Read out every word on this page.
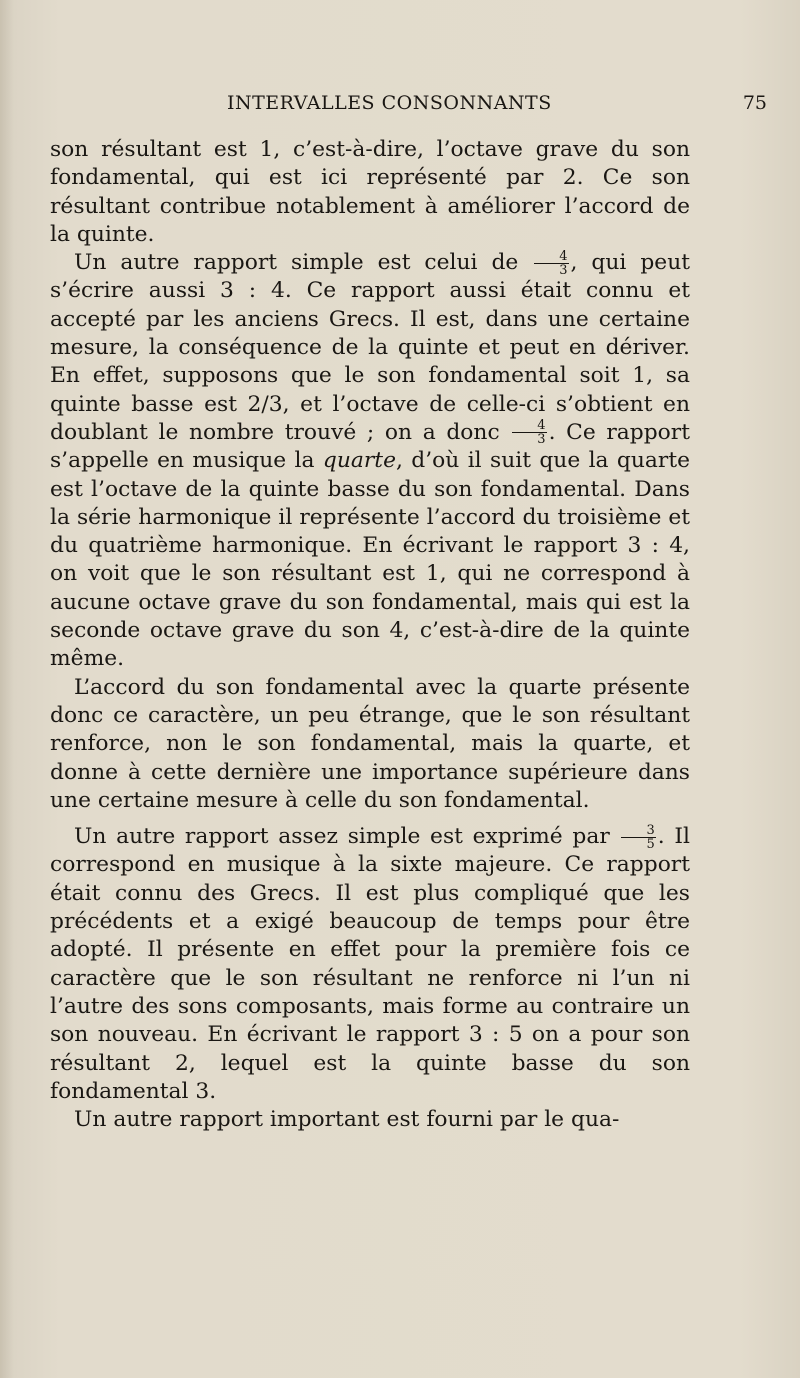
INTERVALLES CONSONNANTS	75

son résultant est 1, c’est-à-dire, l’octave grave du son fondamental, qui est ici représenté par 2. Ce son résultant contribue notablement à améliorer l’accord de la quinte.

Un autre rapport simple est celui de $\frac{4}{3}$ , qui peut s’écrire aussi 3 : 4. Ce rapport aussi était connu et accepté par les anciens Grecs. Il est, dans une certaine mesure, la conséquence de la quinte et peut en dériver. En effet, supposons que le son fondamental soit 1, sa quinte basse est 2/3, et l’octave de celle-ci s’obtient en doublant le nombre trouvé ; on a donc $\frac{4}{3}$ . Ce rapport s’appelle en musique la quarte, d’où il suit que la quarte est l’octave de la quinte basse du son fondamental. Dans la série harmonique il représente l’accord du troisième et du quatrième harmonique. En écrivant le rapport 3 : 4, on voit que le son résultant est 1, qui ne correspond à aucune octave grave du son fondamental, mais qui est la seconde octave grave du son 4, c’est-à-dire de la quinte même.

L’accord du son fondamental avec la quarte présente donc ce caractère, un peu étrange, que le son résultant renforce, non le son fondamental, mais la quarte, et donne à cette dernière une importance supérieure dans une certaine mesure à celle du son fondamental.

Un autre rapport assez simple est exprimé par $\frac{3}{5}$ . Il correspond en musique à la sixte majeure. Ce rapport était connu des Grecs. Il est plus compliqué que les précédents et a exigé beaucoup de temps pour être adopté. Il présente en effet pour la première fois ce caractère que le son résultant ne renforce ni l’un ni l’autre des sons composants, mais forme au contraire un son nouveau. En écrivant le rapport 3 : 5 on a pour son résultant 2, lequel est la quinte basse du son fondamental 3.

Un autre rapport important est fourni par le qua-
